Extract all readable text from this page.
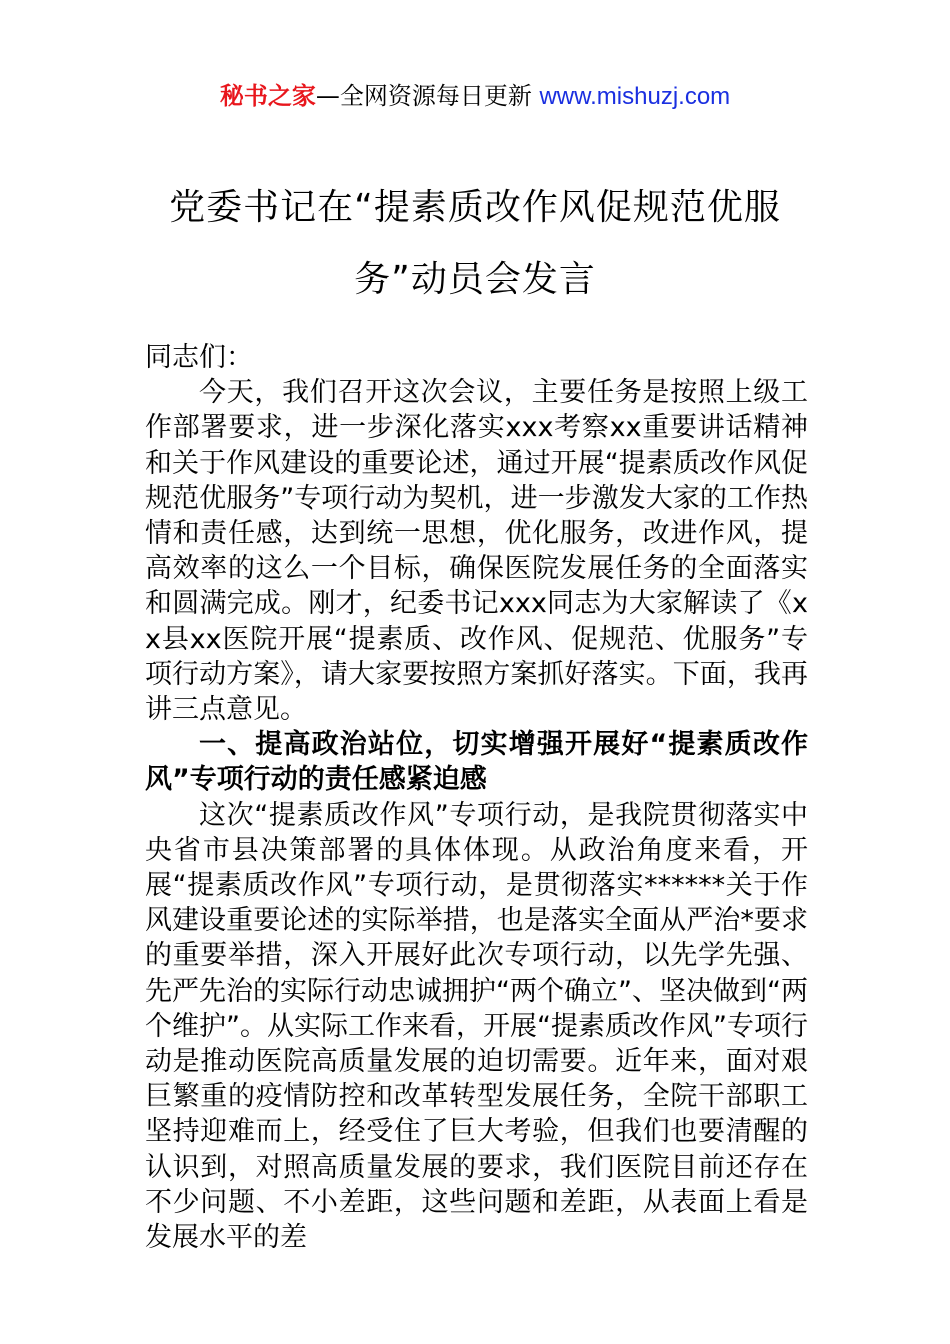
秘书之家—全网资源每日更新 www.mishuzj.com
党委书记在“提素质改作风促规范优服务”动员会发言

同志们：

今天，我们召开这次会议，主要任务是按照上级工作部署要求，进一步深化落实xxx考察xx重要讲话精神和关于作风建设的重要论述，通过开展“提素质改作风促规范优服务”专项行动为契机，进一步激发大家的工作热情和责任感，达到统一思想，优化服务，改进作风，提高效率的这么一个目标，确保医院发展任务的全面落实和圆满完成。刚才，纪委书记xxx同志为大家解读了《xx县xx医院开展“提素质、改作风、促规范、优服务”专项行动方案》，请大家要按照方案抓好落实。下面，我再讲三点意见。

一、提高政治站位，切实增强开展好“提素质改作风”专项行动的责任感紧迫感

这次“提素质改作风”专项行动，是我院贯彻落实中央省市县决策部署的具体体现。从政治角度来看，开展“提素质改作风”专项行动，是贯彻落实******关于作风建设重要论述的实际举措，也是落实全面从严治*要求的重要举措，深入开展好此次专项行动，以先学先强、先严先治的实际行动忠诚拥护“两个确立”、坚决做到“两个维护”。从实际工作来看，开展“提素质改作风”专项行动是推动医院高质量发展的迫切需要。近年来，面对艰巨繁重的疫情防控和改革转型发展任务，全院干部职工坚持迎难而上，经受住了巨大考验，但我们也要清醒的认识到，对照高质量发展的要求，我们医院目前还存在不少问题、不小差距，这些问题和差距，从表面上看是发展水平的差
